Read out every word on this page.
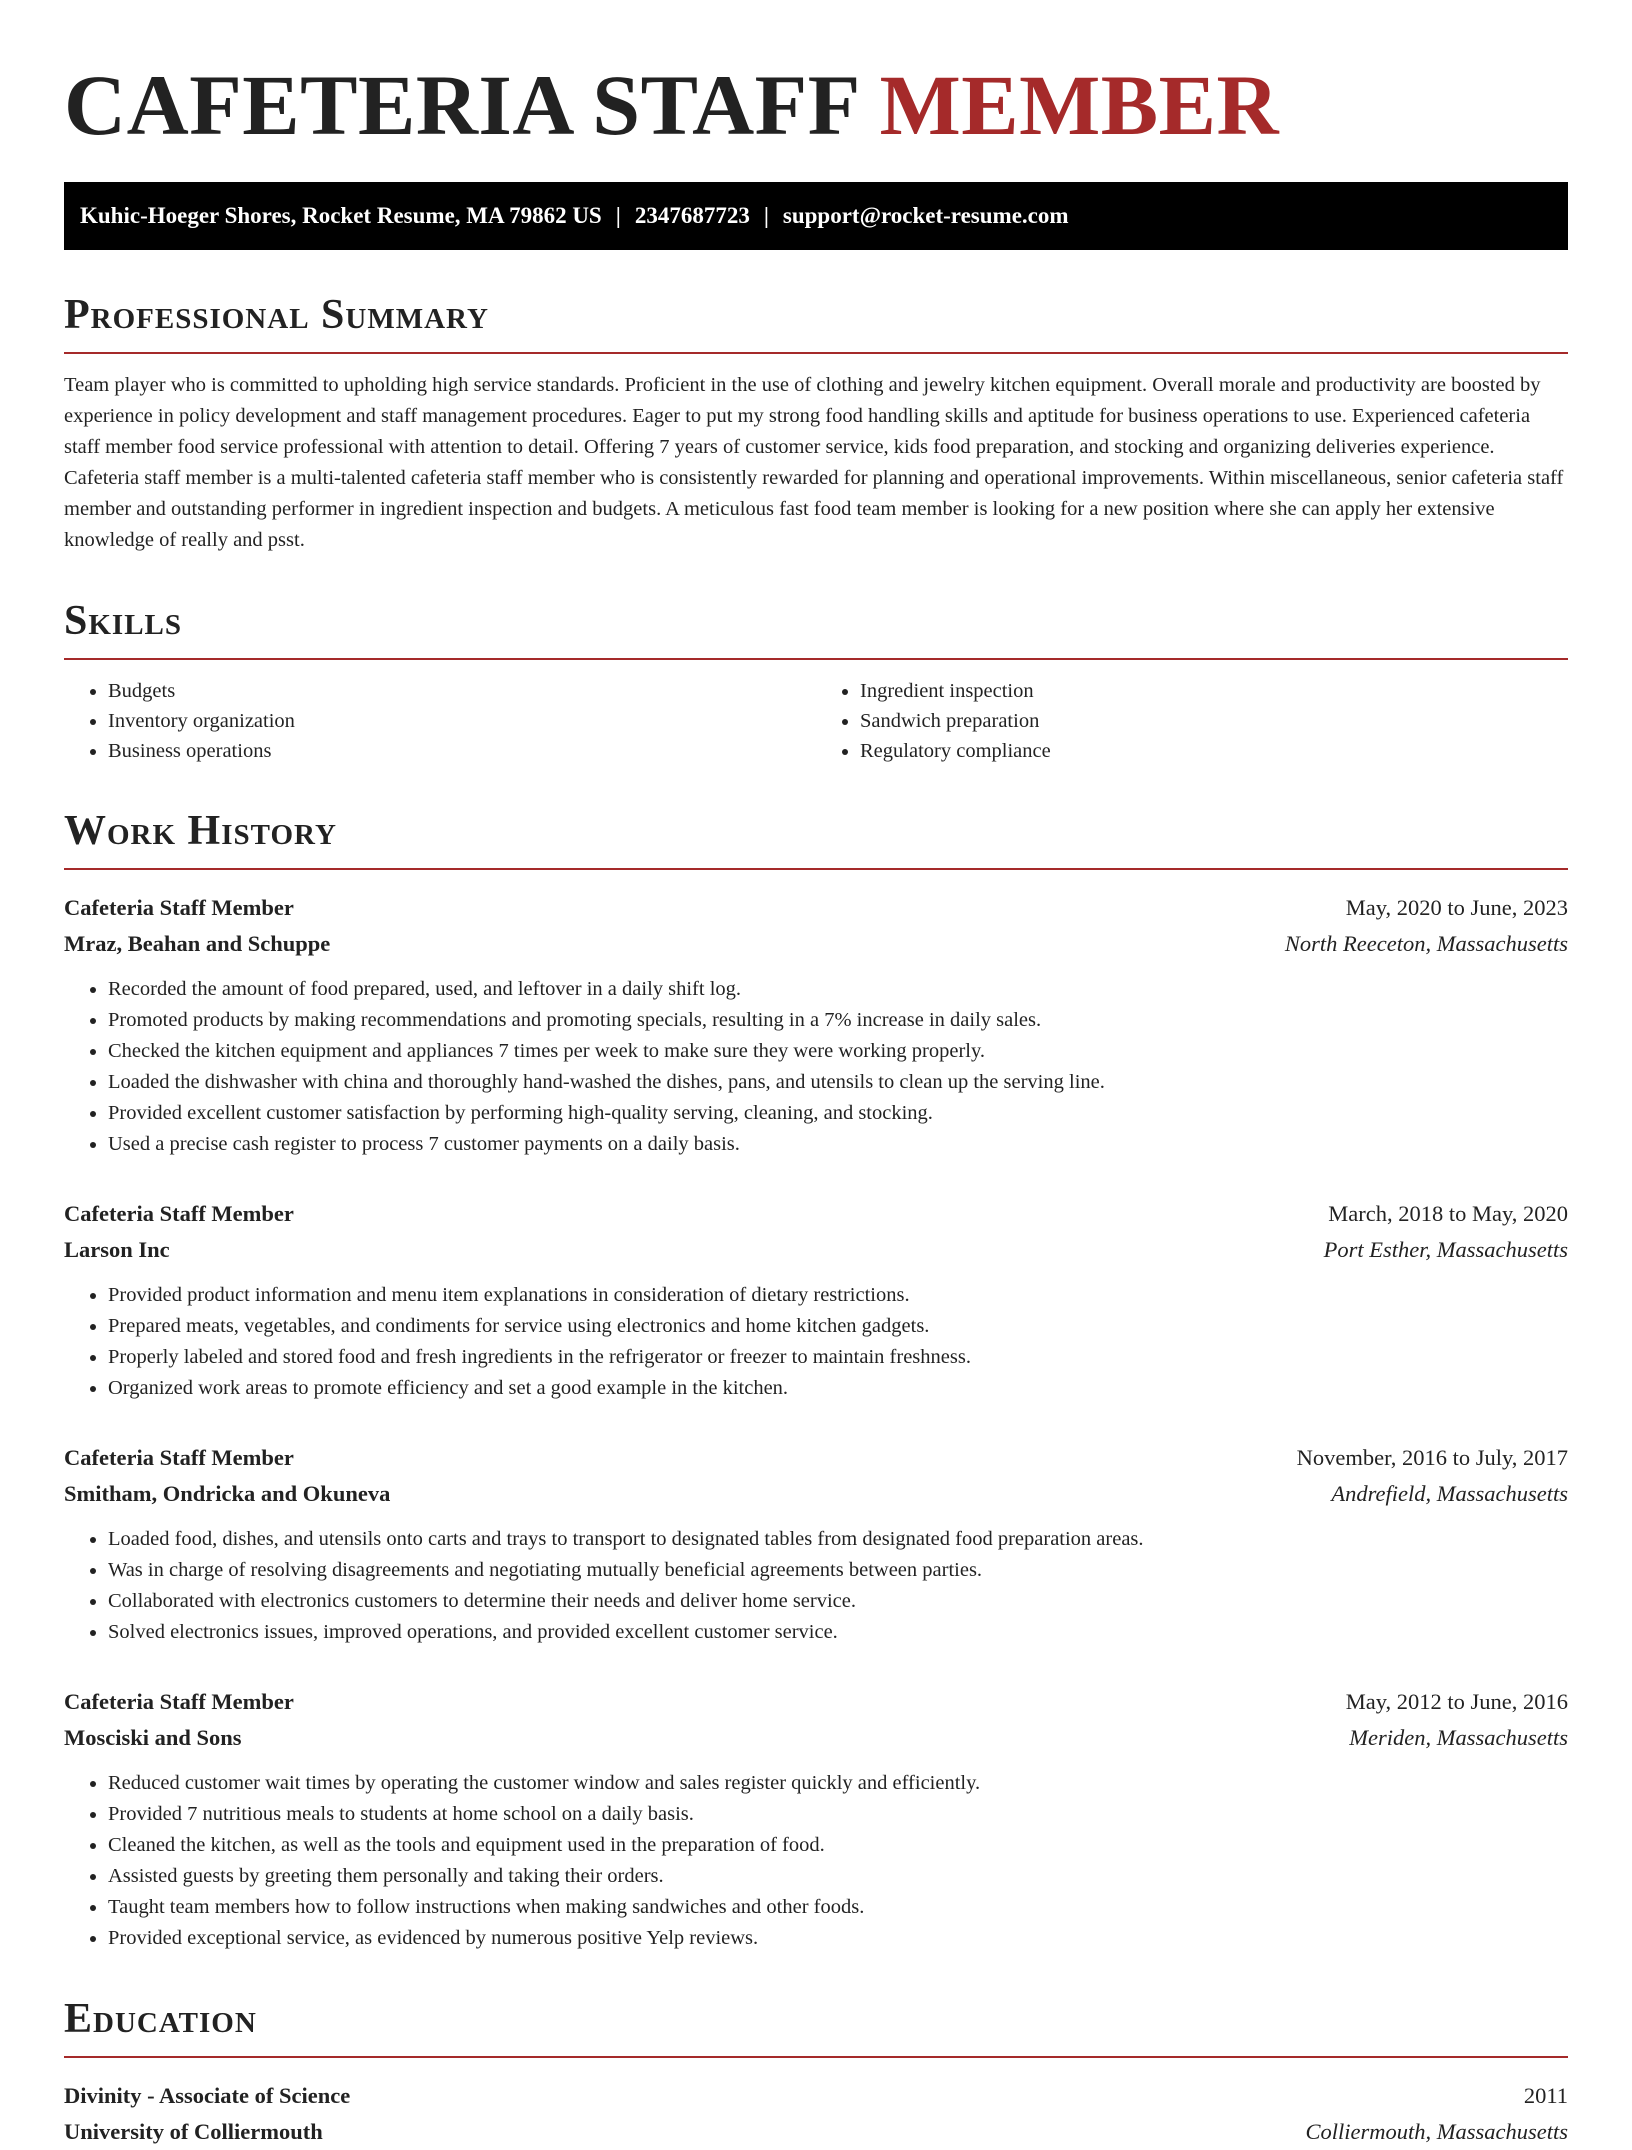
CAFETERIA STAFF MEMBER
Kuhic-Hoeger Shores, Rocket Resume, MA 79862 US | 2347687723 | support@rocket-resume.com
Professional Summary

Team player who is committed to upholding high service standards. Proficient in the use of clothing and jewelry kitchen equipment. Overall morale and productivity are boosted by experience in policy development and staff management procedures. Eager to put my strong food handling skills and aptitude for business operations to use. Experienced cafeteria staff member food service professional with attention to detail. Offering 7 years of customer service, kids food preparation, and stocking and organizing deliveries experience. Cafeteria staff member is a multi-talented cafeteria staff member who is consistently rewarded for planning and operational improvements. Within miscellaneous, senior cafeteria staff member and outstanding performer in ingredient inspection and budgets. A meticulous fast food team member is looking for a new position where she can apply her extensive knowledge of really and psst.

Skills
• Budgets
• Inventory organization
• Business operations
• Ingredient inspection
• Sandwich preparation
• Regulatory compliance
Work History
Cafeteria Staff Member	May, 2020 to June, 2023
Mraz, Beahan and Schuppe	North Reeceton, Massachusetts
• Recorded the amount of food prepared, used, and leftover in a daily shift log.
• Promoted products by making recommendations and promoting specials, resulting in a 7% increase in daily sales.
• Checked the kitchen equipment and appliances 7 times per week to make sure they were working properly.
• Loaded the dishwasher with china and thoroughly hand-washed the dishes, pans, and utensils to clean up the serving line.
• Provided excellent customer satisfaction by performing high-quality serving, cleaning, and stocking.
• Used a precise cash register to process 7 customer payments on a daily basis.
Cafeteria Staff Member	March, 2018 to May, 2020
Larson Inc	Port Esther, Massachusetts
• Provided product information and menu item explanations in consideration of dietary restrictions.
• Prepared meats, vegetables, and condiments for service using electronics and home kitchen gadgets.
• Properly labeled and stored food and fresh ingredients in the refrigerator or freezer to maintain freshness.
• Organized work areas to promote efficiency and set a good example in the kitchen.
Cafeteria Staff Member	November, 2016 to July, 2017
Smitham, Ondricka and Okuneva	Andrefield, Massachusetts
• Loaded food, dishes, and utensils onto carts and trays to transport to designated tables from designated food preparation areas.
• Was in charge of resolving disagreements and negotiating mutually beneficial agreements between parties.
• Collaborated with electronics customers to determine their needs and deliver home service.
• Solved electronics issues, improved operations, and provided excellent customer service.
Cafeteria Staff Member	May, 2012 to June, 2016
Mosciski and Sons	Meriden, Massachusetts
• Reduced customer wait times by operating the customer window and sales register quickly and efficiently.
• Provided 7 nutritious meals to students at home school on a daily basis.
• Cleaned the kitchen, as well as the tools and equipment used in the preparation of food.
• Assisted guests by greeting them personally and taking their orders.
• Taught team members how to follow instructions when making sandwiches and other foods.
• Provided exceptional service, as evidenced by numerous positive Yelp reviews.
Education
Divinity - Associate of Science	2011
University of Colliermouth	Colliermouth, Massachusetts
